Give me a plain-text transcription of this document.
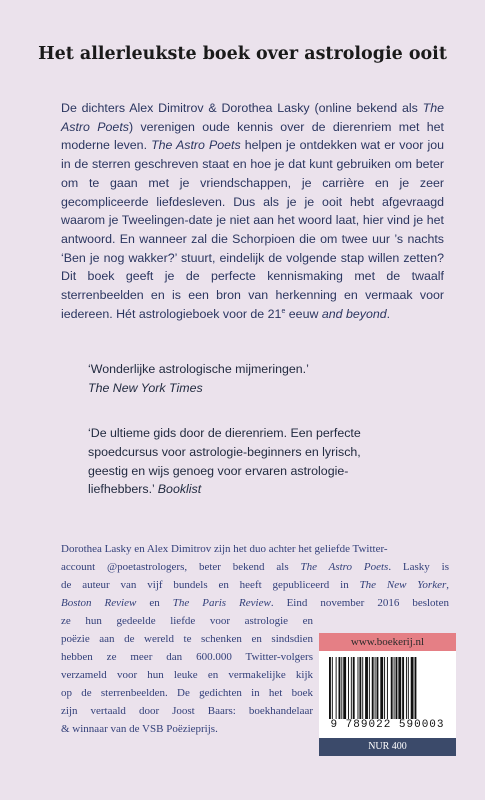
Het allerleukste boek over astrologie ooit
De dichters Alex Dimitrov & Dorothea Lasky (online bekend als The Astro Poets) verenigen oude kennis over de dierenriem met het moderne leven. The Astro Poets helpen je ontdekken wat er voor jou in de sterren geschreven staat en hoe je dat kunt gebruiken om beter om te gaan met je vriendschappen, je carrière en je zeer gecompliceerde liefdesleven. Dus als je je ooit hebt afgevraagd waarom je Tweelingen-date je niet aan het woord laat, hier vind je het antwoord. En wanneer zal die Schorpioen die om twee uur ’s nachts ‘Ben je nog wakker?’ stuurt, eindelijk de volgende stap willen zetten? Dit boek geeft je de perfecte kennismaking met de twaalf sterrenbeelden en is een bron van herkenning en vermaak voor iedereen. Hét astrologieboek voor de 21e eeuw and beyond.
‘Wonderlijke astrologische mijmeringen.’
The New York Times
‘De ultieme gids door de dierenriem. Een perfecte
spoedcursus voor astrologie-beginners en lyrisch,
geestig en wijs genoeg voor ervaren astrologie-
liefhebbers.’ Booklist
Dorothea Lasky en Alex Dimitrov zijn het duo achter het geliefde Twitter-
account @poetastrologers, beter bekend als The Astro Poets. Lasky is
de auteur van vijf bundels en heeft gepubliceerd in The New Yorker,
Boston Review en The Paris Review. Eind november 2016 besloten
ze hun gedeelde liefde voor astrologie en
poëzie aan de wereld te schenken en sindsdien
hebben ze meer dan 600.000 Twitter-volgers
verzameld voor hun leuke en vermakelijke kijk
op de sterrenbeelden. De gedichten in het boek
zijn vertaald door Joost Baars: boekhandelaar
& winnaar van de VSB Poëzieprijs.
www.boekerij.nl
9 789022 590003
NUR 400
